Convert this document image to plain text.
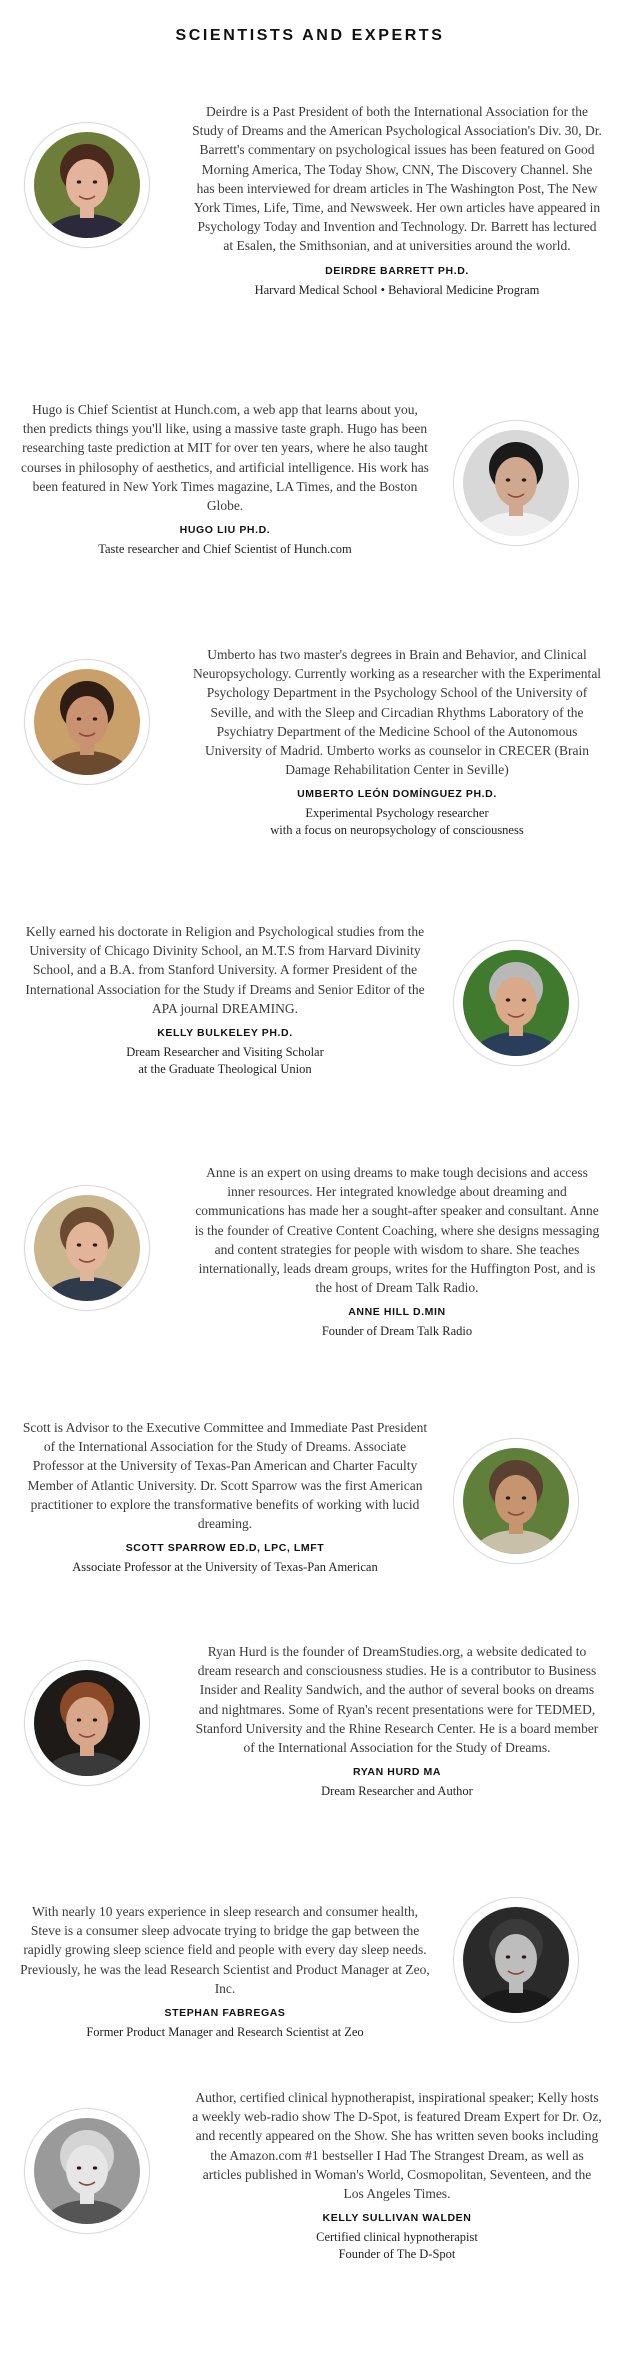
SCIENTISTS AND EXPERTS

Deirdre is a Past President of both the International Association for the Study of Dreams and the American Psychological Association's Div. 30, Dr. Barrett's commentary on psychological issues has been featured on Good Morning America, The Today Show, CNN, The Discovery Channel. She has been interviewed for dream articles in The Washington Post, The New York Times, Life, Time, and Newsweek. Her own articles have appeared in Psychology Today and Invention and Technology. Dr. Barrett has lectured at Esalen, the Smithsonian, and at universities around the world.

DEIRDRE BARRETT PH.D.
Harvard Medical School • Behavioral Medicine Program

Hugo is Chief Scientist at Hunch.com, a web app that learns about you, then predicts things you'll like, using a massive taste graph. Hugo has been researching taste prediction at MIT for over ten years, where he also taught courses in philosophy of aesthetics, and artificial intelligence. His work has been featured in New York Times magazine, LA Times, and the Boston Globe.

HUGO LIU PH.D.
Taste researcher and Chief Scientist of Hunch.com

Umberto has two master's degrees in Brain and Behavior, and Clinical Neuropsychology. Currently working as a researcher with the Experimental Psychology Department in the Psychology School of the University of Seville, and with the Sleep and Circadian Rhythms Laboratory of the Psychiatry Department of the Medicine School of the Autonomous University of Madrid. Umberto works as counselor in CRECER (Brain Damage Rehabilitation Center in Seville)

UMBERTO LEÓN DOMÍNGUEZ PH.D.
Experimental Psychology researcher
with a focus on neuropsychology of consciousness

Kelly earned his doctorate in Religion and Psychological studies from the University of Chicago Divinity School, an M.T.S from Harvard Divinity School, and a B.A. from Stanford University. A former President of the International Association for the Study if Dreams and Senior Editor of the APA journal DREAMING.

KELLY BULKELEY PH.D.
Dream Researcher and Visiting Scholar
at the Graduate Theological Union

Anne is an expert on using dreams to make tough decisions and access inner resources. Her integrated knowledge about dreaming and communications has made her a sought-after speaker and consultant. Anne is the founder of Creative Content Coaching, where she designs messaging and content strategies for people with wisdom to share. She teaches internationally, leads dream groups, writes for the Huffington Post, and is the host of Dream Talk Radio.

ANNE HILL D.MIN
Founder of Dream Talk Radio

Scott is Advisor to the Executive Committee and Immediate Past President of the International Association for the Study of Dreams. Associate Professor at the University of Texas-Pan American and Charter Faculty Member of Atlantic University. Dr. Scott Sparrow was the first American practitioner to explore the transformative benefits of working with lucid dreaming.

SCOTT SPARROW ED.D, LPC, LMFT
Associate Professor at the University of Texas-Pan American

Ryan Hurd is the founder of DreamStudies.org, a website dedicated to dream research and consciousness studies. He is a contributor to Business Insider and Reality Sandwich, and the author of several books on dreams and nightmares. Some of Ryan's recent presentations were for TEDMED, Stanford University and the Rhine Research Center. He is a board member of the International Association for the Study of Dreams.

RYAN HURD MA
Dream Researcher and Author

With nearly 10 years experience in sleep research and consumer health, Steve is a consumer sleep advocate trying to bridge the gap between the rapidly growing sleep science field and people with every day sleep needs. Previously, he was the lead Research Scientist and Product Manager at Zeo, Inc.

STEPHAN FABREGAS
Former Product Manager and Research Scientist at Zeo

Author, certified clinical hypnotherapist, inspirational speaker; Kelly hosts a weekly web-radio show The D-Spot, is featured Dream Expert for Dr. Oz, and recently appeared on the Show. She has written seven books including the Amazon.com #1 bestseller I Had The Strangest Dream, as well as articles published in Woman's World, Cosmopolitan, Seventeen, and the Los Angeles Times.

KELLY SULLIVAN WALDEN
Certified clinical hypnotherapist
Founder of The D-Spot
